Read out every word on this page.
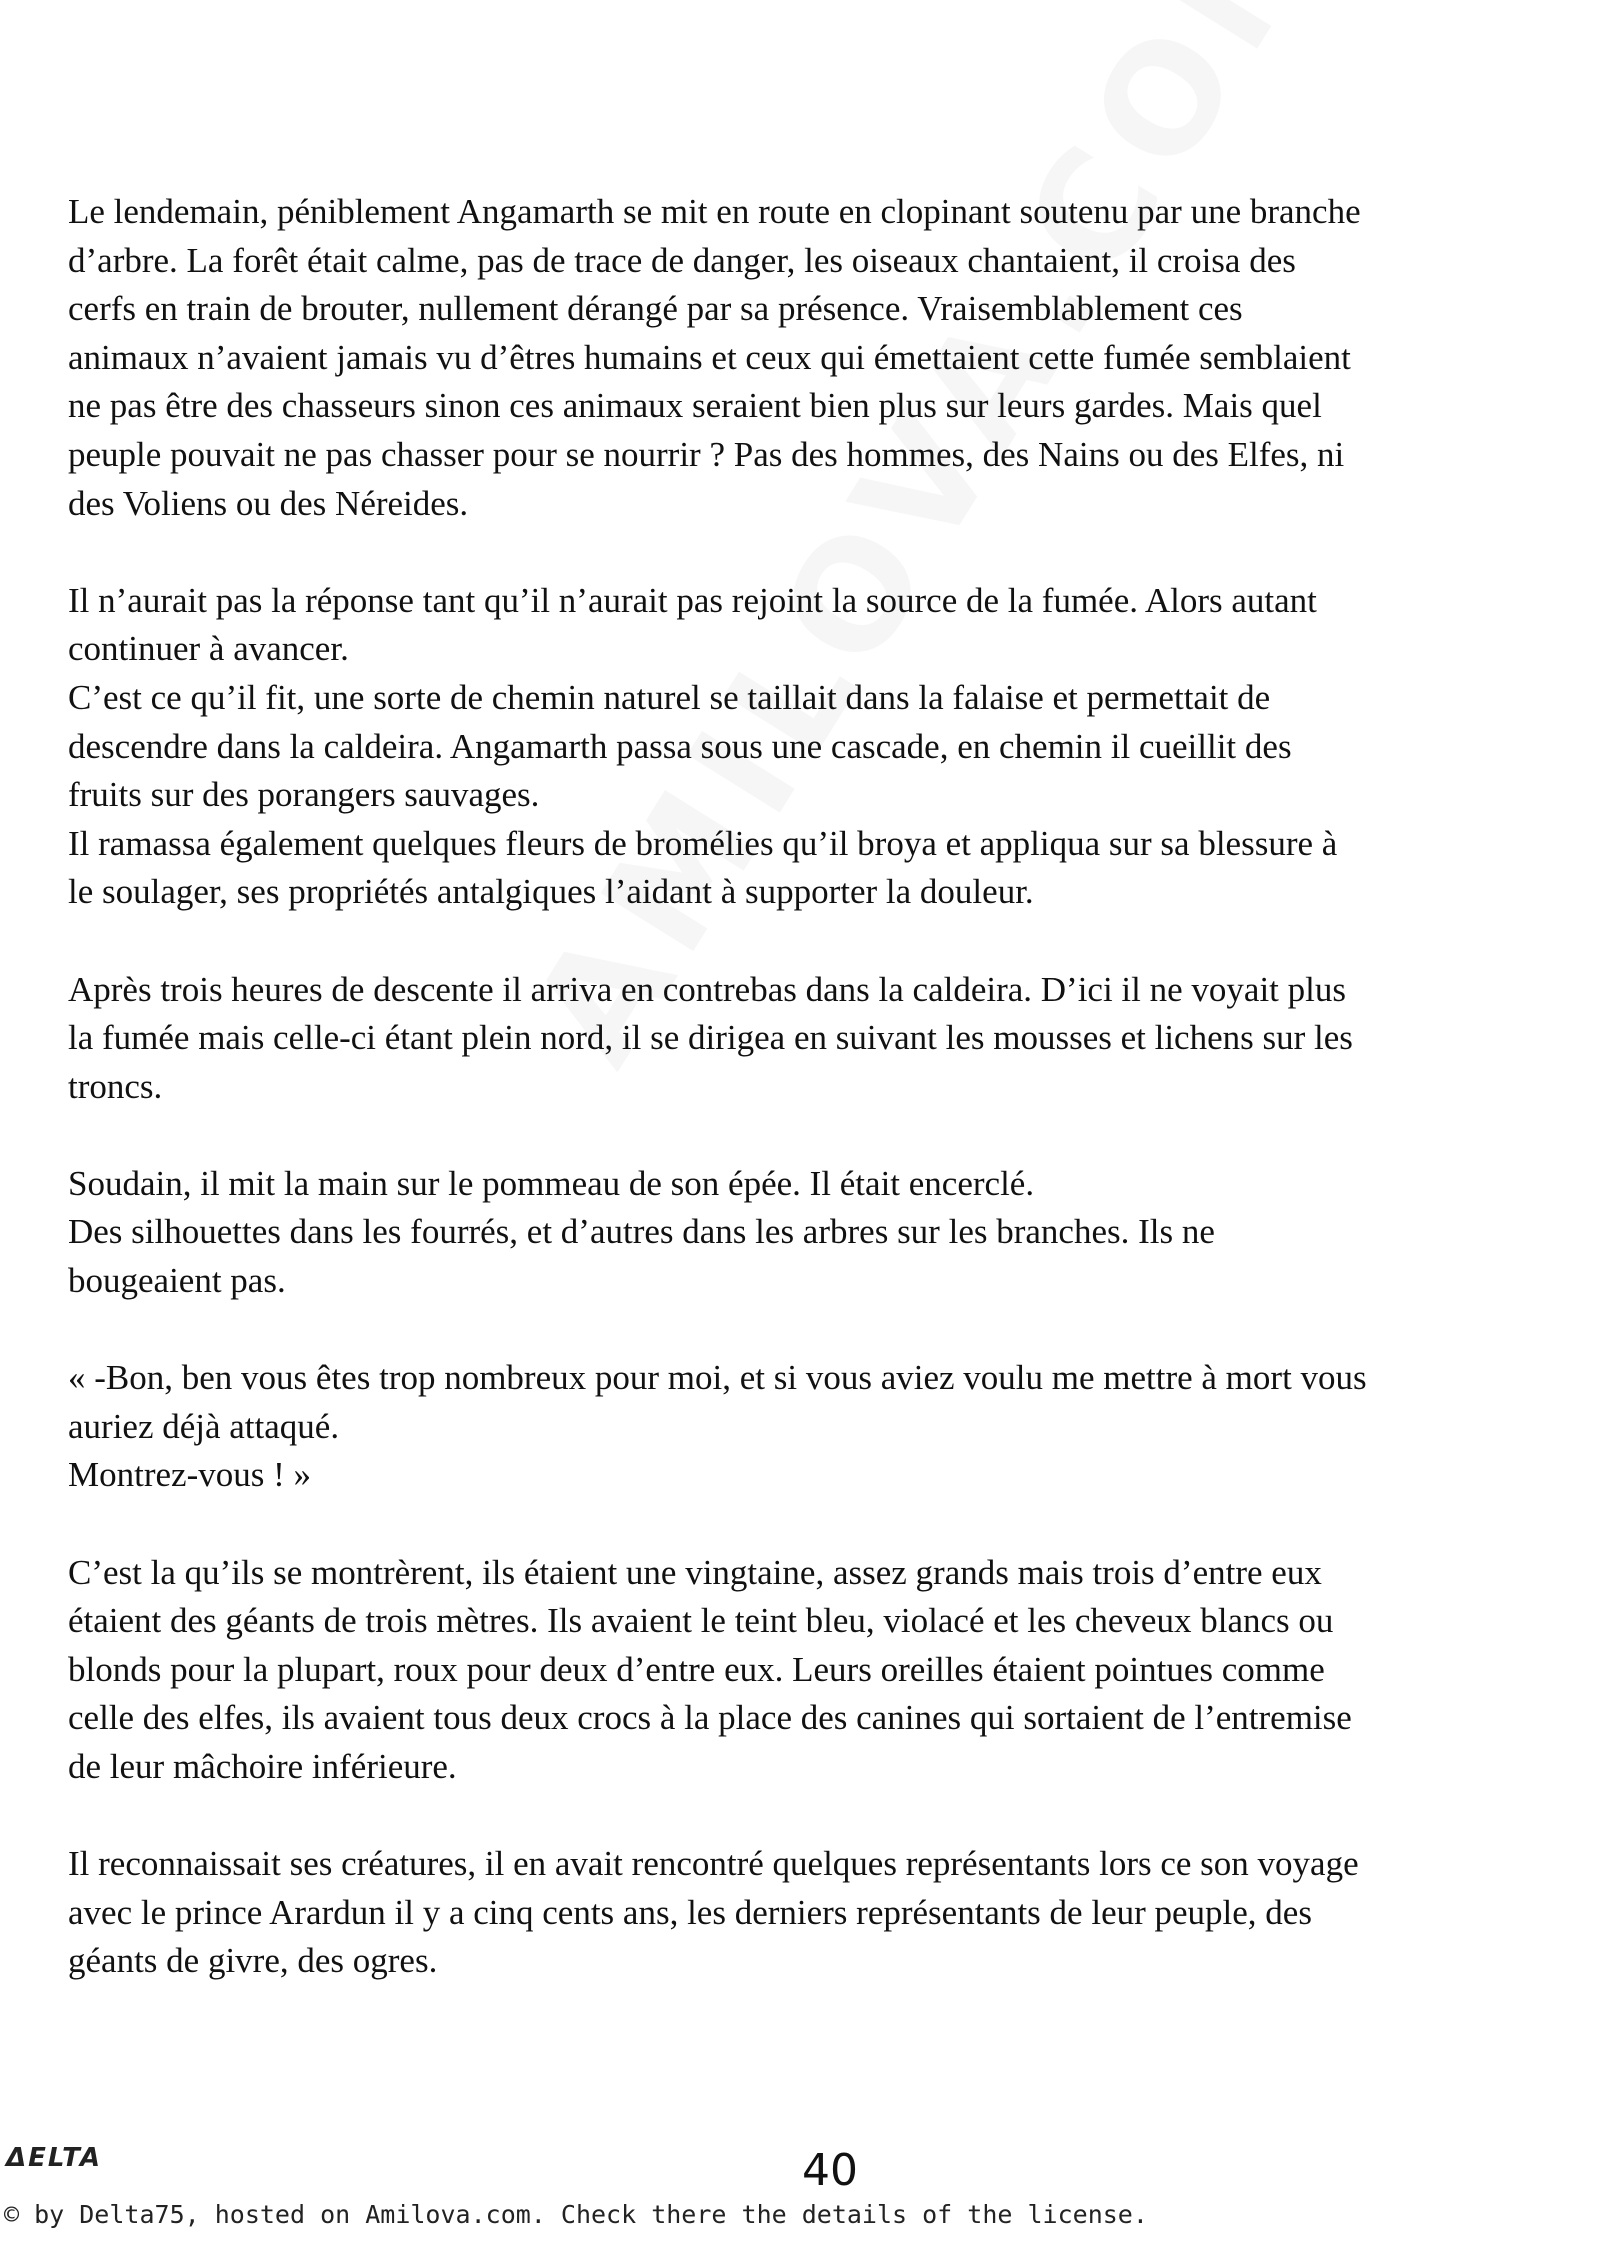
Le lendemain, péniblement Angamarth se mit en route en clopinant soutenu par une branche
d’arbre. La forêt était calme, pas de trace de danger, les oiseaux chantaient, il croisa des
cerfs en train de brouter, nullement dérangé par sa présence. Vraisemblablement ces
animaux n’avaient jamais vu d’êtres humains et ceux qui émettaient cette fumée semblaient
ne pas être des chasseurs sinon ces animaux seraient bien plus sur leurs gardes. Mais quel
peuple pouvait ne pas chasser pour se nourrir ? Pas des hommes, des Nains ou des Elfes, ni
des Voliens ou des Néreides.
Il n’aurait pas la réponse tant qu’il n’aurait pas rejoint la source de la fumée. Alors autant
continuer à avancer.
C’est ce qu’il fit, une sorte de chemin naturel se taillait dans la falaise et permettait de
descendre dans la caldeira. Angamarth passa sous une cascade, en chemin il cueillit des
fruits sur des porangers sauvages.
Il ramassa également quelques fleurs de bromélies qu’il broya et appliqua sur sa blessure à
le soulager, ses propriétés antalgiques l’aidant à supporter la douleur.
Après trois heures de descente il arriva en contrebas dans la caldeira. D’ici il ne voyait plus
la fumée mais celle-ci étant plein nord, il se dirigea en suivant les mousses et lichens sur les
troncs.
Soudain, il mit la main sur le pommeau de son épée. Il était encerclé.
Des silhouettes dans les fourrés, et d’autres dans les arbres sur les branches. Ils ne
bougeaient pas.
« -Bon, ben vous êtes trop nombreux pour moi, et si vous aviez voulu me mettre à mort vous
auriez déjà attaqué.
Montrez-vous ! »
C’est la qu’ils se montrèrent, ils étaient une vingtaine, assez grands mais trois d’entre eux
étaient des géants de trois mètres. Ils avaient le teint bleu, violacé et les cheveux blancs ou
blonds pour la plupart, roux pour deux d’entre eux. Leurs oreilles étaient pointues comme
celle des elfes, ils avaient tous deux crocs à la place des canines qui sortaient de l’entremise
de leur mâchoire inférieure.
Il reconnaissait ses créatures, il en avait rencontré quelques représentants lors ce son voyage
avec le prince Arardun il y a cinq cents ans, les derniers représentants de leur peuple, des
géants de givre, des ogres.
ΔELTA	40
© by Delta75, hosted on Amilova.com. Check there the details of the license.
